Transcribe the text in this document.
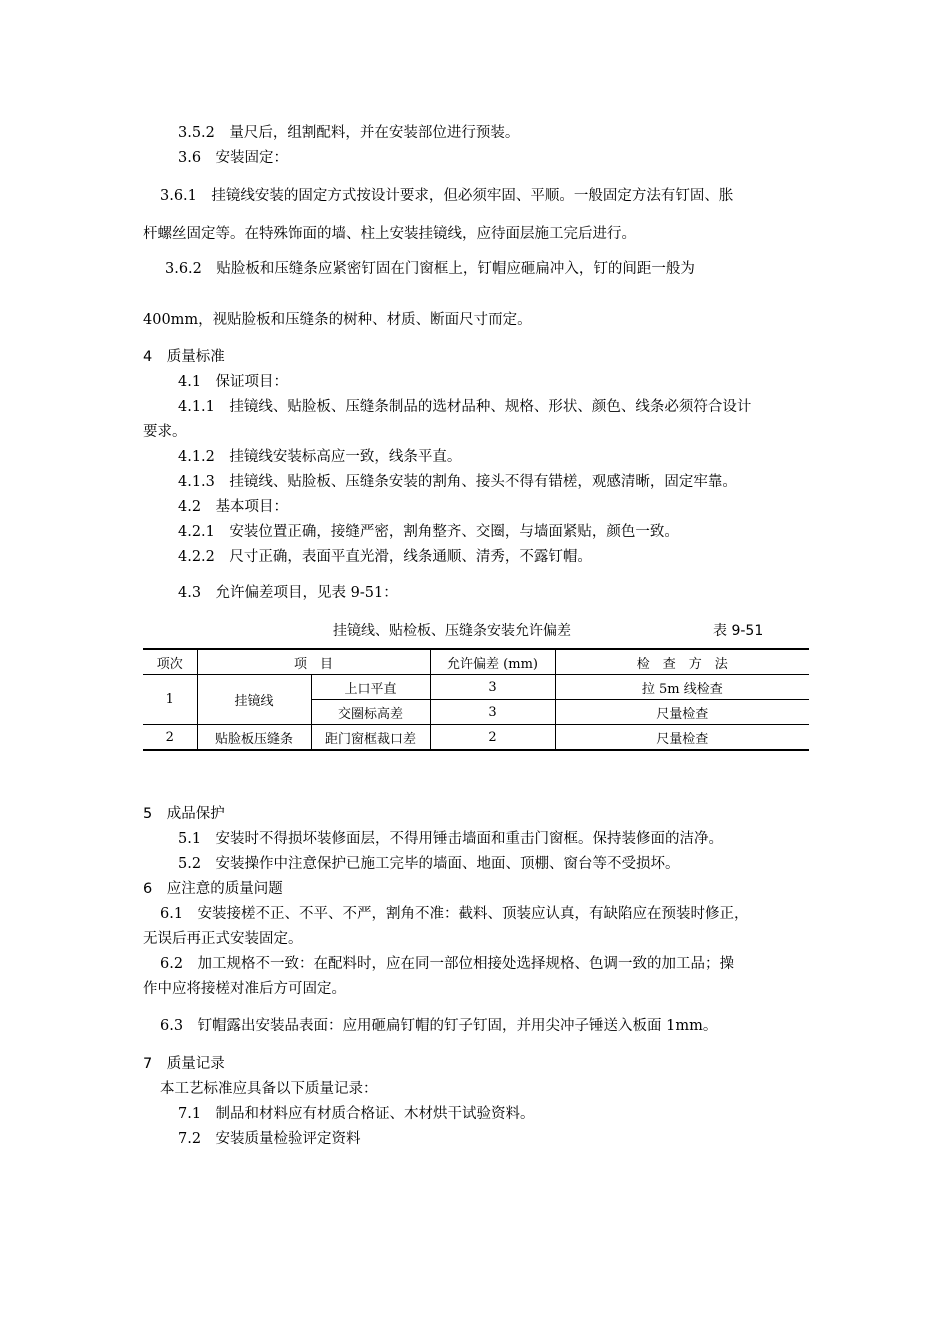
3.5.2　量尺后，组割配料，并在安装部位进行预装。
3.6　安装固定：
3.6.1　挂镜线安装的固定方式按设计要求，但必须牢固、平顺。一般固定方法有钉固、胀
杆螺丝固定等。在特殊饰面的墙、柱上安装挂镜线，应待面层施工完后进行。
3.6.2　贴脸板和压缝条应紧密钉固在门窗框上，钉帽应砸扁冲入，钉的间距一般为
400mm，视贴脸板和压缝条的树种、材质、断面尺寸而定。
4　质量标准
4.1　保证项目：
4.1.1　挂镜线、贴脸板、压缝条制品的选材品种、规格、形状、颜色、线条必须符合设计
要求。
4.1.2　挂镜线安装标高应一致，线条平直。
4.1.3　挂镜线、贴脸板、压缝条安装的割角、接头不得有错槎，观感清晰，固定牢靠。
4.2　基本项目：
4.2.1　安装位置正确，接缝严密，割角整齐、交圈，与墙面紧贴，颜色一致。
4.2.2　尺寸正确，表面平直光滑，线条通顺、清秀，不露钉帽。
4.3　允许偏差项目，见表 9-51：
挂镜线、贴检板、压缝条安装允许偏差	表 9-51
项次	项　目		允许偏差 (mm)	检　查　方　法
1	挂镜线	上口平直	3	拉 5m 线检查
		交圈标高差	3	尺量检查
2	贴脸板压缝条	距门窗框裁口差	2	尺量检查
5　成品保护
5.1　安装时不得损坏装修面层，不得用锤击墙面和重击门窗框。保持装修面的洁净。
5.2　安装操作中注意保护已施工完毕的墙面、地面、顶棚、窗台等不受损坏。
6　应注意的质量问题
6.1　安装接槎不正、不平、不严，割角不准：截料、顶装应认真，有缺陷应在预装时修正，
无误后再正式安装固定。
6.2　加工规格不一致：在配料时，应在同一部位相接处选择规格、色调一致的加工品；操
作中应将接槎对准后方可固定。
6.3　钉帽露出安装品表面：应用砸扁钉帽的钉子钉固，并用尖冲子锤送入板面 1mm。
7　质量记录
本工艺标准应具备以下质量记录：
7.1　制品和材料应有材质合格证、木材烘干试验资料。
7.2　安装质量检验评定资料
